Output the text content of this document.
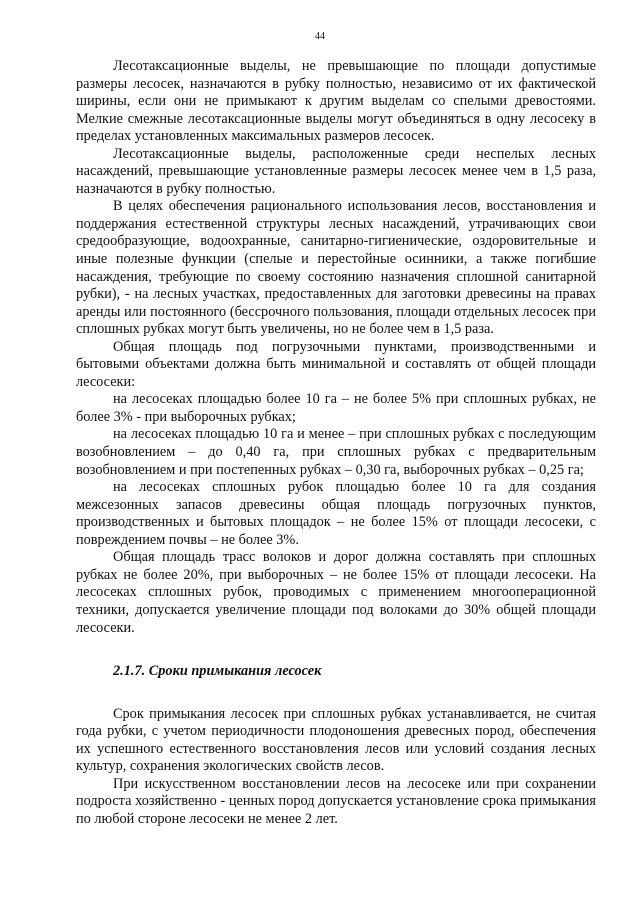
44

Лесотаксационные выделы, не превышающие по площади допустимые размеры лесосек, назначаются в рубку полностью, независимо от их фактической ширины, если они не примыкают к другим выделам со спелыми древостоями. Мелкие смежные лесотаксационные выделы могут объединяться в одну лесосеку в пределах установленных максимальных размеров лесосек.

Лесотаксационные выделы, расположенные среди неспелых лесных насаждений, превышающие установленные размеры лесосек менее чем в 1,5 раза, назначаются в рубку полностью.

В целях обеспечения рационального использования лесов, восстановления и поддержания естественной структуры лесных насаждений, утрачивающих свои средообразующие, водоохранные, санитарно-гигиенические, оздоровительные и иные полезные функции (спелые и перестойные осинники, а также погибшие насаждения, требующие по своему состоянию назначения сплошной санитарной рубки), - на лесных участках, предоставленных для заготовки древесины на правах аренды или постоянного (бессрочного пользования, площади отдельных лесосек при сплошных рубках могут быть увеличены, но не более чем в 1,5 раза.

Общая площадь под погрузочными пунктами, производственными и бытовыми объектами должна быть минимальной и составлять от общей площади лесосеки:

на лесосеках площадью более 10 га – не более 5% при сплошных рубках, не более 3% - при выборочных рубках;

на лесосеках площадью 10 га и менее – при сплошных рубках с последующим возобновлением – до 0,40 га, при сплошных рубках с предварительным возобновлением и при постепенных рубках – 0,30 га, выборочных рубках – 0,25 га;

на лесосеках сплошных рубок площадью более 10 га для создания межсезонных запасов древесины общая площадь погрузочных пунктов, производственных и бытовых площадок – не более 15% от площади лесосеки, с повреждением почвы – не более 3%.

Общая площадь трасс волоков и дорог должна составлять при сплошных рубках не более 20%, при выборочных – не более 15% от площади лесосеки. На лесосеках сплошных рубок, проводимых с применением многооперационной техники, допускается увеличение площади под волоками до 30% общей площади лесосеки.

2.1.7. Сроки примыкания лесосек

Срок примыкания лесосек при сплошных рубках устанавливается, не считая года рубки, с учетом периодичности плодоношения древесных пород, обеспечения их успешного естественного восстановления лесов или условий создания лесных культур, сохранения экологических свойств лесов.

При искусственном восстановлении лесов на лесосеке или при сохранении подроста хозяйственно - ценных пород допускается установление срока примыкания по любой стороне лесосеки не менее 2 лет.
